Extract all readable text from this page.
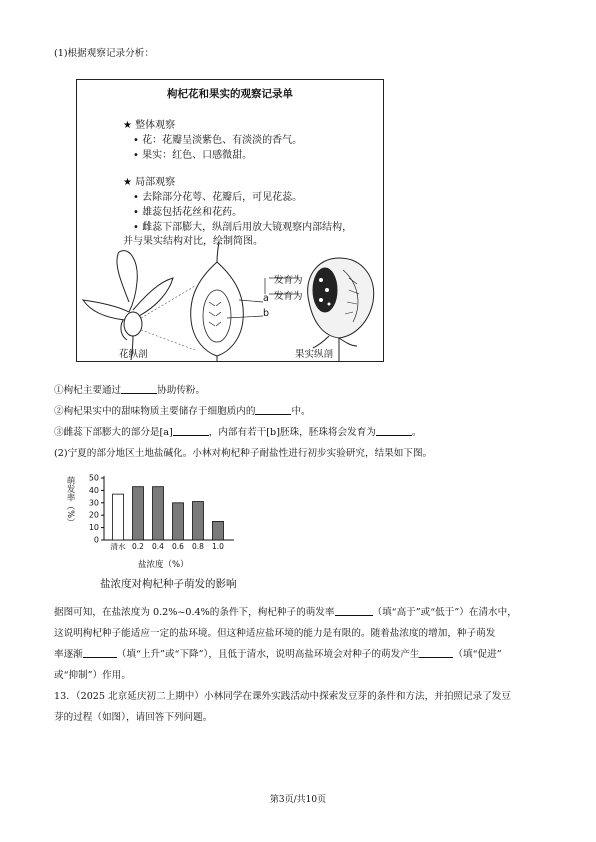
(1)根据观察记录分析：
枸杞花和果实的观察记录单
★ 整体观察
• 花：花瓣呈淡紫色、有淡淡的香气。
• 果实：红色、口感微甜。
★ 局部观察
• 去除部分花萼、花瓣后，可见花蕊。
• 雄蕊包括花丝和花药。
• 雌蕊下部膨大，纵剖后用放大镜观察内部结构，
并与果实结构对比，绘制简图。
a
b
发育为
发育为
花纵剖	果实纵剖
①枸杞主要通过	协助传粉。
②枸杞果实中的甜味物质主要储存于细胞质内的	中。
③雌蕊下部膨大的部分是[a]	，内部有若干[b]胚珠，胚珠将会发育为	。
(2)宁夏的部分地区土地盐碱化。小林对枸杞种子耐盐性进行初步实验研究，结果如下图。
0
10
20
30
40
50
清水 0.2 0.4 0.6 0.8 1.0
萌发率（%）
盐浓度（%）
盐浓度对枸杞种子萌发的影响
据图可知，在盐浓度为 0.2%~0.4%的条件下，枸杞种子的萌发率	（填“高于”或“低于”）在清水中，
这说明枸杞种子能适应一定的盐环境。但这种适应盐环境的能力是有限的。随着盐浓度的增加，种子萌发
率逐渐	（填“上升”或“下降”），且低于清水，说明高盐环境会对种子的萌发产生	（填“促进”
或“抑制”）作用。
13．（2025 北京延庆初二上期中）小林同学在课外实践活动中探索发豆芽的条件和方法，并拍照记录了发豆
芽的过程（如图），请回答下列问题。
第3页/共10页
